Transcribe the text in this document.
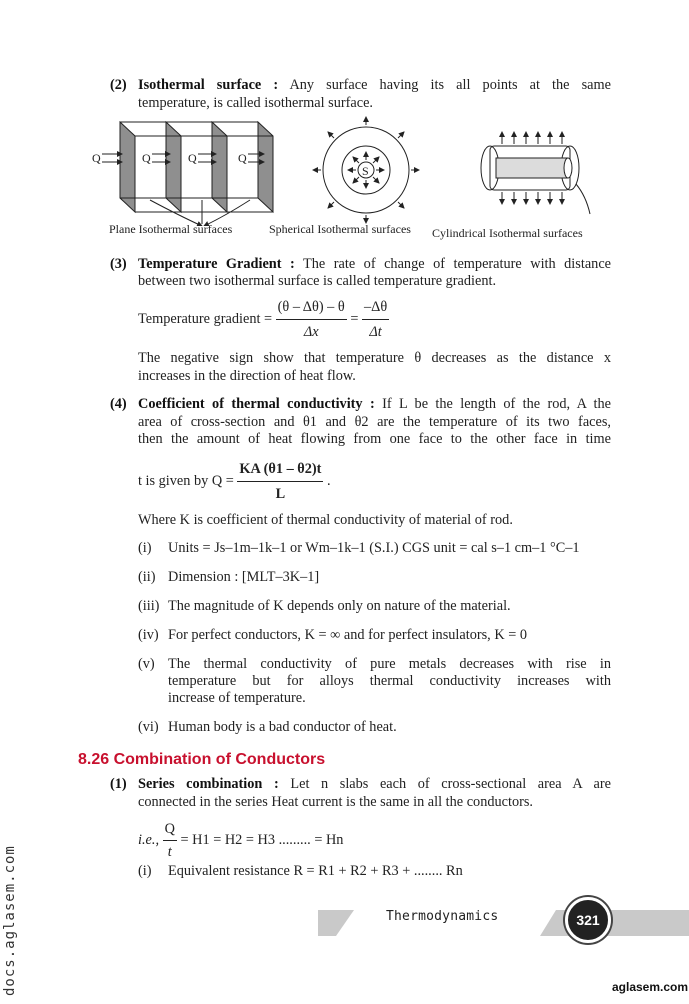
(2) Isothermal surface : Any surface having its all points at the same
temperature, is called isothermal surface.
Q	Q	Q	Q
S
Plane Isothermal surfaces	Spherical Isothermal surfaces Cylindrical Isothermal surfaces
(3) Temperature Gradient : The rate of change of temperature with distance
between two isothermal surface is called temperature gradient.
Temperature gradient = $\frac{(\theta - \Delta\theta) - \theta}{\Delta x} = \frac{-\Delta\theta}{\Delta t}$
The negative sign show that temperature θ decreases as the distance x
increases in the direction of heat flow.
(4) Coefficient of thermal conductivity : If L be the length of the rod, A the
area of cross-section and θ1 and θ2 are the temperature of its two faces,
then the amount of heat flowing from one face to the other face in time
t is given by $Q = \frac{KA (\theta 1 - \theta 2)t}{L}$ .
Where K is coefficient of thermal conductivity of material of rod.
(i) Units = Js–1m–1k–1 or Wm–1k–1 (S.I.) CGS unit = cal s–1 cm–1 °C–1
(ii) Dimension : [MLT–3K–1]
(iii) The magnitude of K depends only on nature of the material.
(iv) For perfect conductors, K = ∞ and for perfect insulators, K = 0
(v) The thermal conductivity of pure metals decreases with rise in
temperature but for alloys thermal conductivity increases with
increase of temperature.
(vi) Human body is a bad conductor of heat.
8.26 Combination of Conductors
(1) Series combination : Let n slabs each of cross-sectional area A are
connected in the series Heat current is the same in all the conductors.
i.e., $\frac{Q}{t} = H1 = H2 = H3$ ......... = Hn
(i) Equivalent resistance R = R1 + R2 + R3 + ........ Rn
Thermodynamics	321
docs.aglasem.com	aglasem.com
